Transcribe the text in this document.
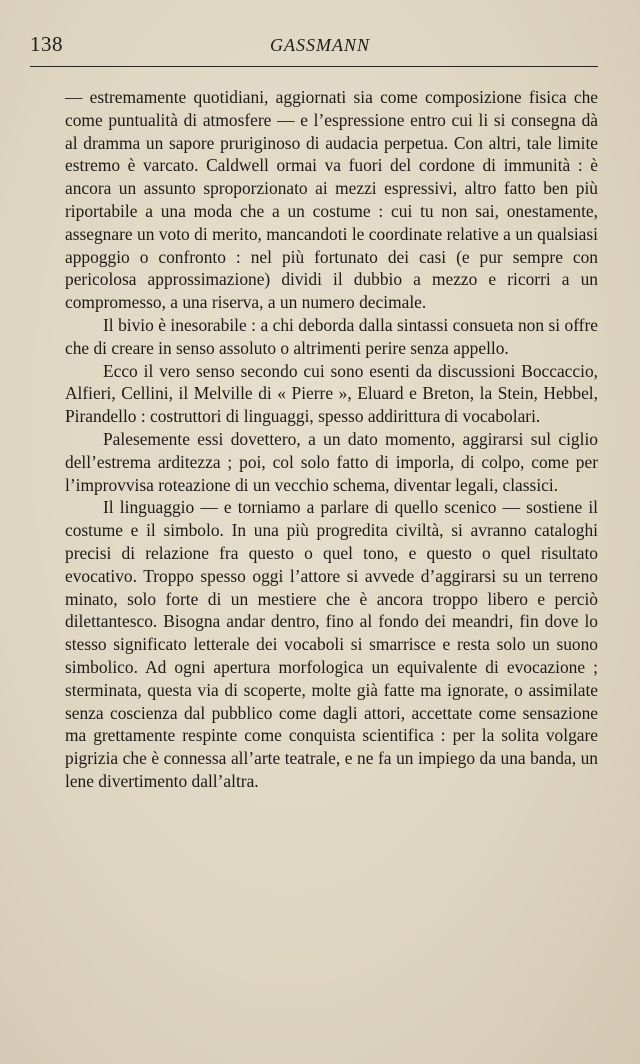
138	GASSMANN

— estremamente quotidiani, aggiornati sia come composizione fisica che come puntualità di atmosfere — e l’espressione entro cui li si consegna dà al dramma un sapore pruriginoso di audacia perpetua. Con altri, tale limite estremo è varcato. Caldwell ormai va fuori del cordone di immunità : è ancora un assunto sproporzionato ai mezzi espressivi, altro fatto ben più riportabile a una moda che a un costume : cui tu non sai, onestamente, assegnare un voto di merito, mancandoti le coordinate relative a un qualsiasi appoggio o confronto : nel più fortunato dei casi (e pur sempre con pericolosa approssimazione) dividi il dubbio a mezzo e ricorri a un compromesso, a una riserva, a un numero decimale.

Il bivio è inesorabile : a chi deborda dalla sintassi consueta non si offre che di creare in senso assoluto o altrimenti perire senza appello.

Ecco il vero senso secondo cui sono esenti da discussioni Boccaccio, Alfieri, Cellini, il Melville di « Pierre », Eluard e Breton, la Stein, Hebbel, Pirandello : costruttori di linguaggi, spesso addirittura di vocabolari.

Palesemente essi dovettero, a un dato momento, aggirarsi sul ciglio dell’estrema arditezza ; poi, col solo fatto di imporla, di colpo, come per l’improvvisa roteazione di un vecchio schema, diventar legali, classici.

Il linguaggio — e torniamo a parlare di quello scenico — sostiene il costume e il simbolo. In una più progredita civiltà, si avranno cataloghi precisi di relazione fra questo o quel tono, e questo o quel risultato evocativo. Troppo spesso oggi l’attore si avvede d’aggirarsi su un terreno minato, solo forte di un mestiere che è ancora troppo libero e perciò dilettantesco. Bisogna andar dentro, fino al fondo dei meandri, fin dove lo stesso significato letterale dei vocaboli si smarrisce e resta solo un suono simbolico. Ad ogni apertura morfologica un equivalente di evocazione ; sterminata, questa via di scoperte, molte già fatte ma ignorate, o assimilate senza coscienza dal pubblico come dagli attori, accettate come sensazione ma grettamente respinte come conquista scientifica : per la solita volgare pigrizia che è connessa all’arte teatrale, e ne fa un impiego da una banda, un lene divertimento dall’altra.
